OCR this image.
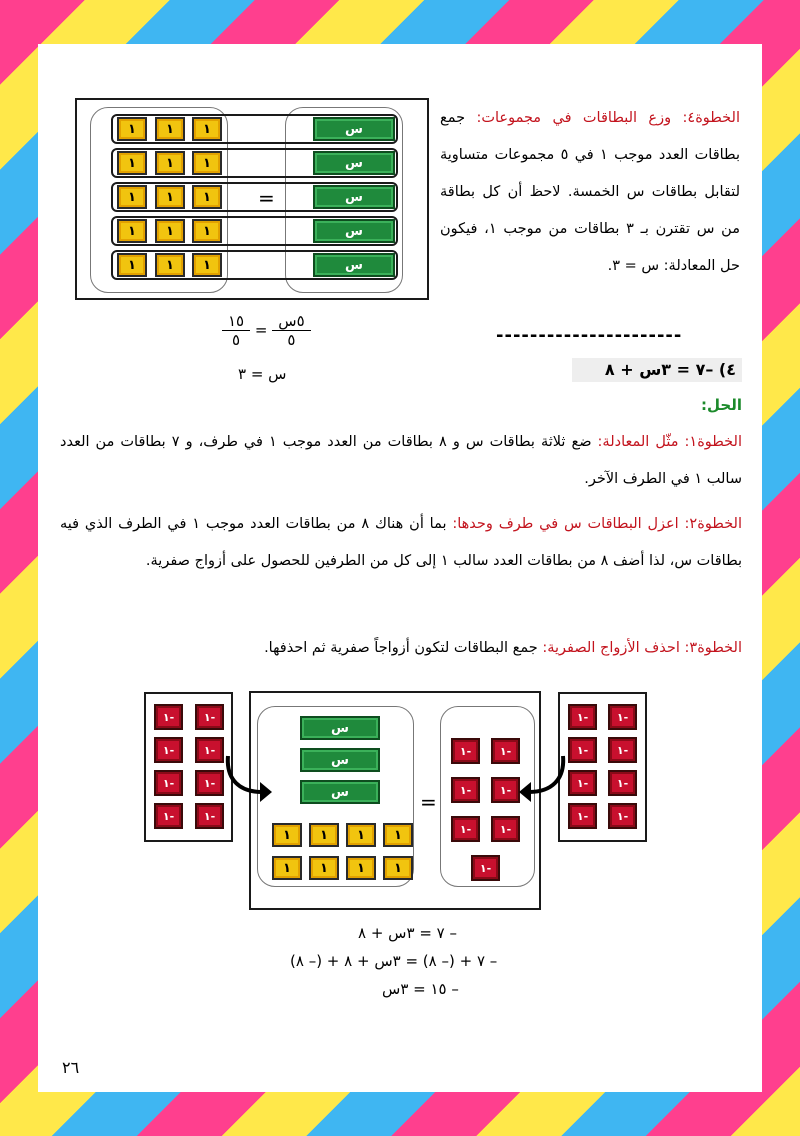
١	١	١
١	١	١
١	١	١
١	١	١
١	١	١
س
س
س
س
س
=
الخطوة٤: وزع البطاقات في مجموعات: جمع بطاقات العدد موجب ١ في ٥ مجموعات متساوية لتقابل بطاقات س الخمسة. لاحظ أن كل بطاقة من س تقترن بـ ٣ بطاقات من موجب ١، فيكون حل المعادلة: س = ٣.
$\frac{\text{٥س}}{٥}$
=
$\frac{١٥}{٥}$
س = ٣
----------------------
٤) –٧ = ٣س + ٨
الحل:
الخطوة١: مثّل المعادلة: ضع ثلاثة بطاقات س و ٨ بطاقات من العدد موجب ١ في طرف، و ٧ بطاقات من العدد سالب ١ في الطرف الآخر.
الخطوة٢: اعزل البطاقات س في طرف وحدها: بما أن هناك ٨ من بطاقات العدد موجب ١ في الطرف الذي فيه بطاقات س، لذا أضف ٨ من بطاقات العدد سالب ١ إلى كل من الطرفين للحصول على أزواج صفرية.
الخطوة٣: احذف الأزواج الصفرية: جمع البطاقات لتكون أزواجاً صفرية ثم احذفها.
١-	١-
١-	١-
١-	١-
١-	١-
١-	١-
١-	١-
١-	١-
١-	١-
س
س
س
١	١	١	١
١	١	١	١
١-	١-
١-	١-
١-	١-
١-
=
– ٧ = ٣س + ٨
– ٧ + (– ٨) = ٣س + ٨ + (– ٨)
– ١٥ = ٣س
٢٦
